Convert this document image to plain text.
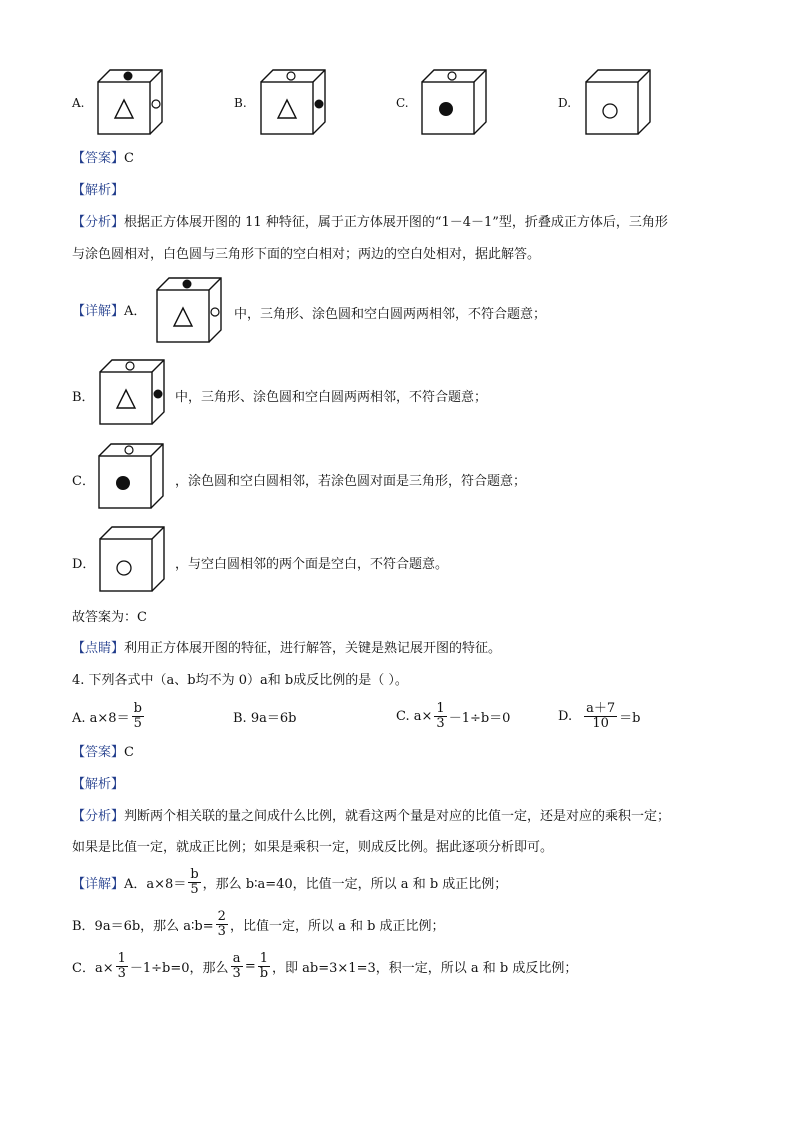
A.	B.	C.	D.
【答案】C
【解析】
【分析】根据正方体展开图的 11 种特征，属于正方体展开图的“1－4－1”型，折叠成正方体后，三角形
与涂色圆相对，白色圆与三角形下面的空白相对；两边的空白处相对，据此解答。
【详解】A．	中，三角形、涂色圆和空白圆两两相邻，不符合题意；
B．	中，三角形、涂色圆和空白圆两两相邻，不符合题意；
C．	，涂色圆和空白圆相邻，若涂色圆对面是三角形，符合题意；
D．	，与空白圆相邻的两个面是空白，不符合题意。
故答案为：C
【点睛】利用正方体展开图的特征，进行解答，关键是熟记展开图的特征。
4. 下列各式中（a、b均不为 0）a和 b成反比例的是（ ）。
A. $a\times 8= \frac{b}{5}$	B. 9a＝6b	C. $a\times \frac{1}{3} -1\div b=0$	D. $\frac{a+7}{10} =b$
【答案】C
【解析】
【分析】判断两个相关联的量之间成什么比例，就看这两个量是对应的比值一定，还是对应的乘积一定；
如果是比值一定，就成正比例；如果是乘积一定，则成反比例。据此逐项分析即可。
【详解】 A．$a\times 8= \frac{b}{5}$ ，那么 b∶a=40，比值一定，所以 a 和 b 成正比例；
B．9a＝6b，那么 a∶b= $\frac{2}{3}$ ，比值一定，所以 a 和 b 成正比例；
C．$a\times \frac{1}{3} -1\div b=0$，那么 $\frac{a}{3} = \frac{1}{b}$ ，即 ab=3×1=3，积一定，所以 a 和 b 成反比例；
